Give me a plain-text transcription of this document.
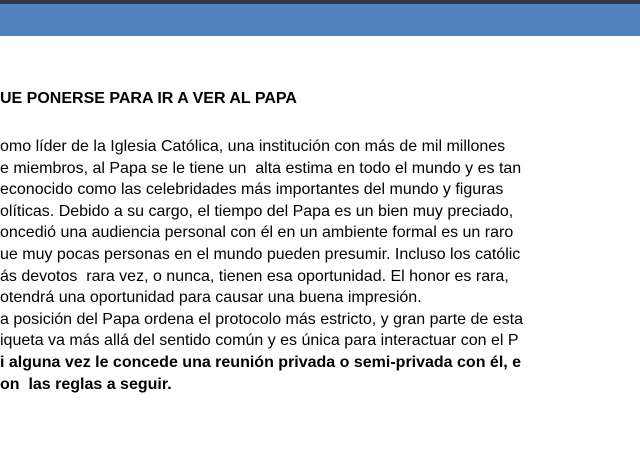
UE PONERSE PARA IR A VER AL PAPA
omo líder de la Iglesia Católica, una institución con más de mil millones
e miembros, al Papa se le tiene un  alta estima en todo el mundo y es tan
econocido como las celebridades más importantes del mundo y figuras
olíticas. Debido a su cargo, el tiempo del Papa es un bien muy preciado,
oncedió una audiencia personal con él en un ambiente formal es un raro
ue muy pocas personas en el mundo pueden presumir. Incluso los católic
ás devotos  rara vez, o nunca, tienen esa oportunidad. El honor es rara,
otendrá una oportunidad para causar una buena impresión.
a posición del Papa ordena el protocolo más estricto, y gran parte de esta
iqueta va más allá del sentido común y es única para interactuar con el P
i alguna vez le concede una reunión privada o semi-privada con él, e
on  las reglas a seguir.
